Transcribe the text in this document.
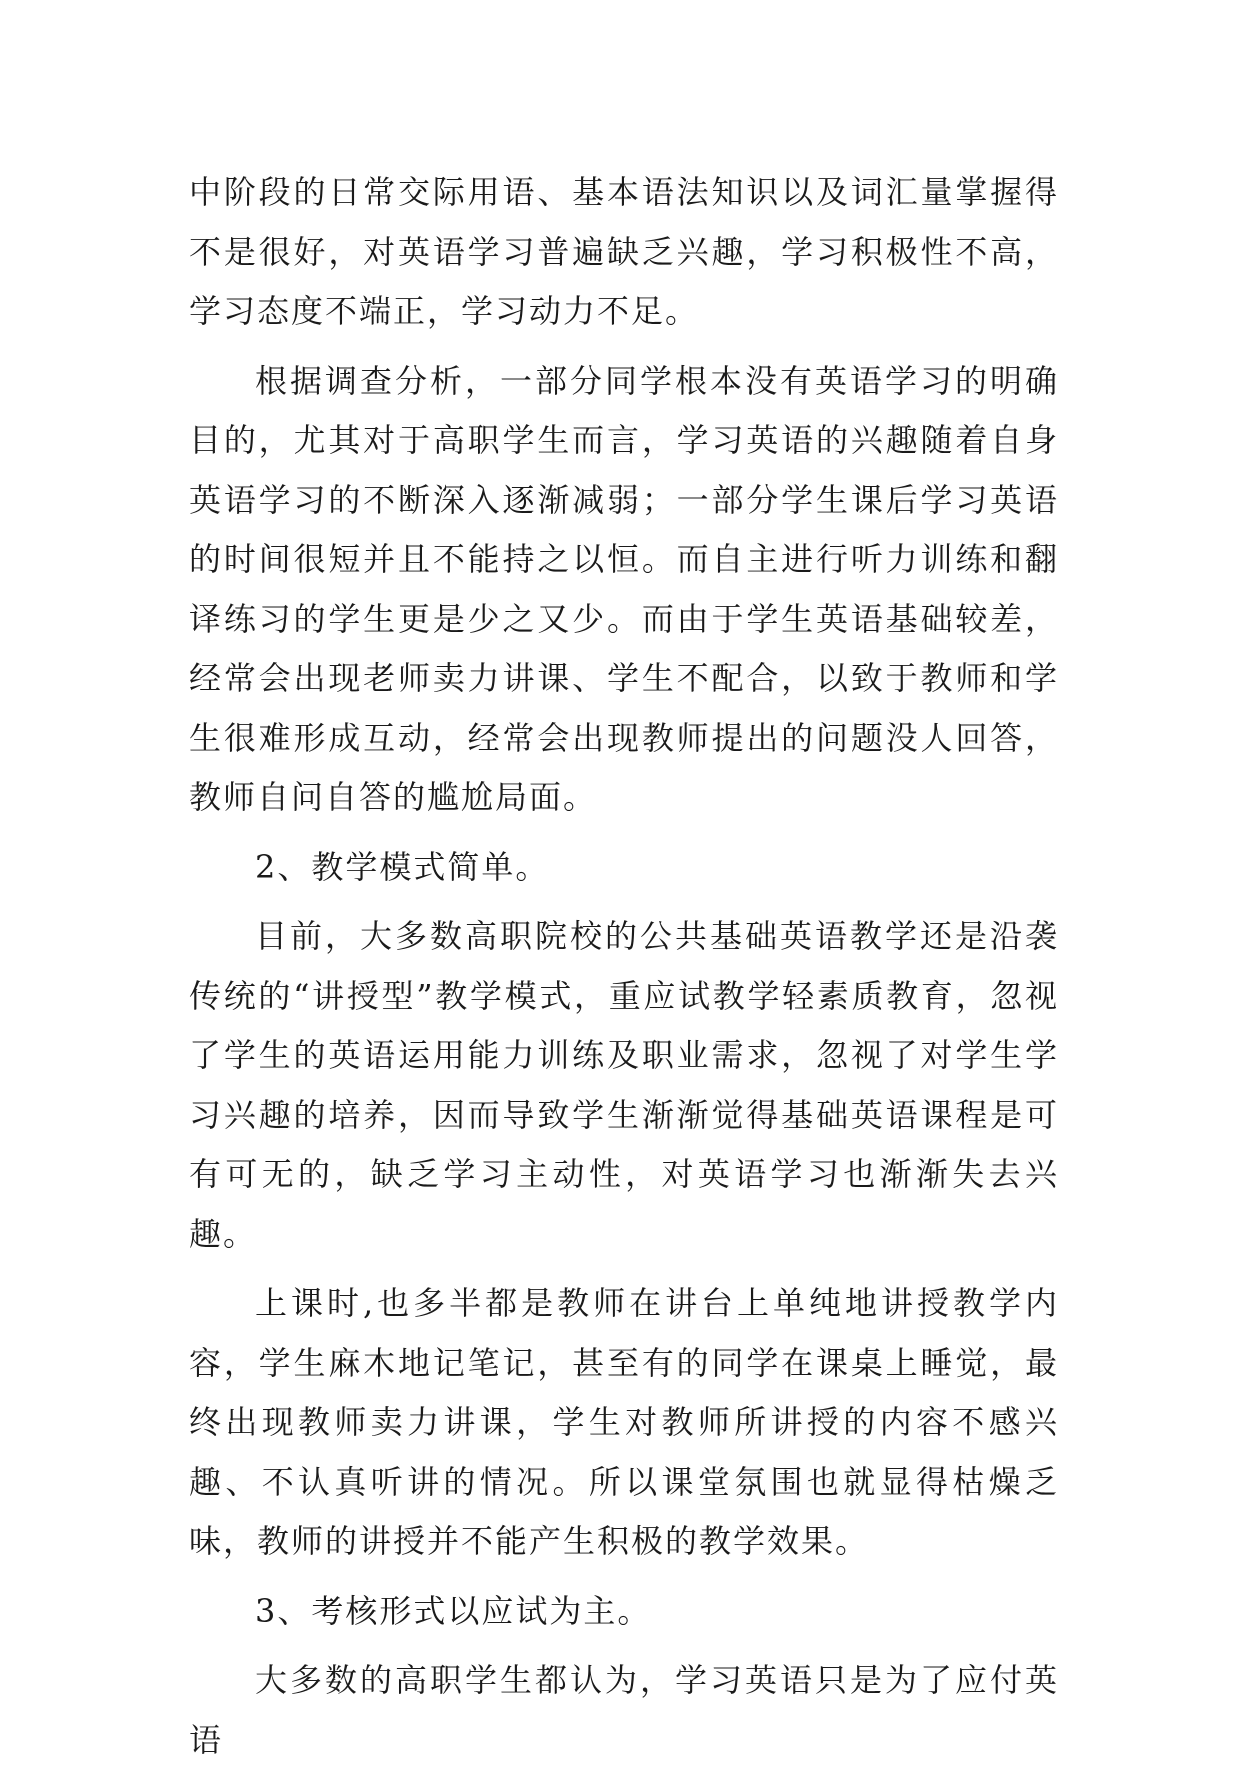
中阶段的日常交际用语、基本语法知识以及词汇量掌握得不是很好，对英语学习普遍缺乏兴趣，学习积极性不高，学习态度不端正，学习动力不足。

根据调查分析，一部分同学根本没有英语学习的明确目的，尤其对于高职学生而言，学习英语的兴趣随着自身英语学习的不断深入逐渐减弱；一部分学生课后学习英语的时间很短并且不能持之以恒。而自主进行听力训练和翻译练习的学生更是少之又少。而由于学生英语基础较差，经常会出现老师卖力讲课、学生不配合，以致于教师和学生很难形成互动，经常会出现教师提出的问题没人回答，教师自问自答的尴尬局面。

2、教学模式简单。

目前，大多数高职院校的公共基础英语教学还是沿袭传统的“讲授型”教学模式，重应试教学轻素质教育，忽视了学生的英语运用能力训练及职业需求，忽视了对学生学习兴趣的培养，因而导致学生渐渐觉得基础英语课程是可有可无的，缺乏学习主动性，对英语学习也渐渐失去兴趣。

上课时,也多半都是教师在讲台上单纯地讲授教学内容，学生麻木地记笔记，甚至有的同学在课桌上睡觉，最终出现教师卖力讲课，学生对教师所讲授的内容不感兴趣、不认真听讲的情况。所以课堂氛围也就显得枯燥乏味，教师的讲授并不能产生积极的教学效果。

3、考核形式以应试为主。

大多数的高职学生都认为，学习英语只是为了应付英语
